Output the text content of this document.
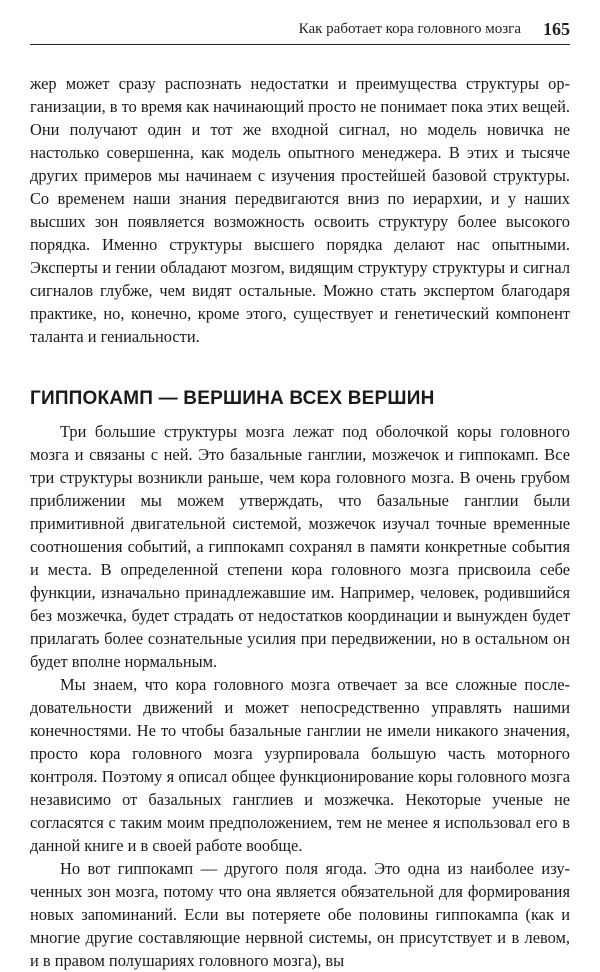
Как работает кора головного мозга 165

жер может сразу распознать недостатки и преимущества структуры организации, в то время как начинающий просто не понимает пока этих вещей. Они получают один и тот же входной сигнал, но модель новичка не настолько совершенна, как модель опытного менеджера. В этих и тысяче других примеров мы начинаем с изучения простейшей базовой структуры. Со временем наши знания передвигаются вниз по иерархии, и у наших высших зон появляется возможность освоить структуру более высокого порядка. Именно структуры высшего порядка делают нас опытными. Эксперты и гении обладают мозгом, видящим структуру структуры и сигнал сигналов глубже, чем видят остальные. Можно стать экспертом благодаря практике, но, конечно, кроме этого, существует и генетический компонент таланта и гениальности.

ГИППОКАМП — ВЕРШИНА ВСЕХ ВЕРШИН

Три большие структуры мозга лежат под оболочкой коры головного мозга и связаны с ней. Это базальные ганглии, мозжечок и гиппокамп. Все три структуры возникли раньше, чем кора головного мозга. В очень грубом приближении мы можем утверждать, что базальные ганглии были примитивной двигательной системой, мозжечок изучал точные временные соотношения событий, а гиппокамп сохранял в памяти конкретные события и места. В определенной степени кора головного мозга присвоила себе функции, изначально принадлежавшие им. Например, человек, родившийся без мозжечка, будет страдать от недостатков координации и вынужден будет прилагать более сознательные усилия при передвижении, но в остальном он будет вполне нормальным.

Мы знаем, что кора головного мозга отвечает за все сложные последовательности движений и может непосредственно управлять нашими конечностями. Не то чтобы базальные ганглии не имели никакого значения, просто кора головного мозга узурпировала большую часть моторного контроля. Поэтому я описал общее функционирование коры головного мозга независимо от базальных ганглиев и мозжечка. Некоторые ученые не согласятся с таким моим предположением, тем не менее я использовал его в данной книге и в своей работе вообще.

Но вот гиппокамп — другого поля ягода. Это одна из наиболее изученных зон мозга, потому что она является обязательной для формирования новых запоминаний. Если вы потеряете обе половины гиппокампа (как и многие другие составляющие нервной системы, он присутствует и в левом, и в правом полушариях головного мозга), вы
